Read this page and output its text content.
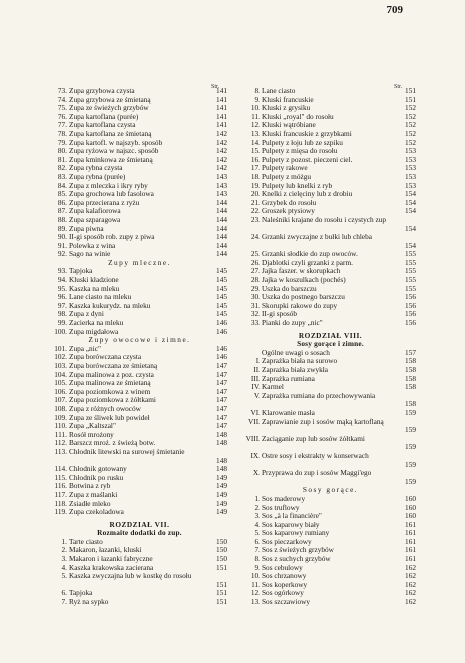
709
Str.	Str.
73. Zupa grzybowa czysta	141
74. Zupa grzybowa ze śmietaną	141
75. Zupa ze świeżych grzybów	141
76. Zupa kartoflana (purée)	141
77. Zupa kartoflana czysta	141
78. Zupa kartoflana ze śmietaną	142
79. Zupa kartofl. w najszyb. sposób	142
80. Zupa ryżowa w najszc. sposób	142
81. Zupa kminkowa ze śmietaną	142
82. Zupa rybna czysta	142
83. Zupa rybna (purée)	143
84. Zupa z mleczka i ikry ryby	143
85. Zupa grochowa lub fasolowa	143
86. Zupa przecierana z ryżu	144
87. Zupa kalafiorowa	144
88. Zupa szparagowa	144
89. Zupa piwna	144
90. II-gi sposób rob. zupy z piwa	144
91. Polewka z wina	144
92. Sago na winie	144
Zupy mleczne.
93. Tapjoka	145
94. Kluski kładzione	145
95. Kaszka na mleku	145
96. Lane ciasto na mleku	145
97. Kaszka kukurydz. na mleku	145
98. Zupa z dyni	145
99. Zacierka na mleku	146
100. Zupa migdałowa	146
Zupy owocowe i zimne.
101. Zupa „nic"	146
102. Zupa borówczana czysta	146
103. Zupa borówczana ze śmietaną	147
104. Zupa malinowa z poz. czysta	147
105. Zupa malinowa ze śmietaną	147
106. Zupa poziomkowa z winem	147
107. Zupa poziomkowa z żółtkami	147
108. Zupa z różnych owoców	147
109. Zupa ze śliwek lub powideł	147
110. Zupa „Kaltszal"	147
111. Rosół mrożony	148
112. Barszcz mroż. z świeżą botw.	148
113. Chłodnik litewski na surowej śmietanie
148
114. Chłodnik gotowany	148
115. Chłodnik po rusku	149
116. Botwina z ryb	149
117. Zupa z maślanki	149
118. Zsiadłe mleko	149
119. Zupa czekoladowa	149
ROZDZIAŁ VII.
Rozmaite dodatki do zup.
1. Tarte ciasto	150
2. Makaron, łazanki, kluski	150
3. Makaron i łazanki fabryczne	150
4. Kaszka krakowska zacierana	151
5. Kaszka zwyczajna lub w kostkę do rosołu
151
6. Tapjoka	151
7. Ryż na sypko	151
8. Lane ciasto	151
9. Kluski francuskie	151
10. Kluski z grysiku	152
11. Kluski „royal" do rosołu	152
12. Kluski wątróbiane	152
13. Kluski francuskie z grzybkami	152
14. Pulpety z łoju lub ze szpiku	152
15. Pulpety z mięsa do rosołu	153
16. Pulpety z pozost. pieczeni ciel.	153
17. Pulpety rakowe	153
18. Pulpety z móżgu	153
19. Pulpety lub knelki z ryb	153
20. Knelki z cielęciny lub z drobiu	154
21. Grzybek do rosołu	154
22. Groszek ptysiowy	154
23. Naleśniki krajane do rosołu i czystych zup
154
24. Grzanki zwyczajne z bułki lub chleba
154
25. Grzanki słodkie do zup owoców.	155
26. Djablotki czyli grzanki z parm.	155
27. Jajka faszer. w skorupkach	155
28. Jajka w koszulkach (pochés)	155
29. Uszka do barszczu	155
30. Uszka do postnego barszczu	156
31. Skorupki rakowe do zupy	156
32. II-gi sposób	156
33. Pianki do zupy „nic"	156
ROZDZIAŁ VIII.
Sosy gorące i zimne.
Ogólne uwagi o sosach	157
I. Zaprażka biała na surowo	158
II. Zaprażka biała zwykła	158
III. Zaprażka rumiana	158
IV. Karmel	158
V. Zaprażka rumiana do przechowywania
158
VI. Klarowanie masła	159
VII. Zaprawianie zup i sosów mąką kartoflaną
159
VIII. Zaciąganie zup lub sosów żółtkami
159
IX. Ostre sosy i ekstrakty w konserwach
159
X. Przyprawa do zup i sosów Maggi'ego
159
Sosy gorące.
1. Sos maderowy	160
2. Sos truflowy	160
3. Sos „à la financière"	160
4. Sos kaparowy biały	161
5. Sos kaparowy rumiany	161
6. Sos pieczarkowy	161
7. Sos z świeżych grzybów	161
8. Sos z suchych grzybów	161
9. Sos cebulowy	162
10. Sos chrzanowy	162
11. Sos koperkowy	162
12. Sos ogórkowy	162
13. Sos szczawiowy	162
